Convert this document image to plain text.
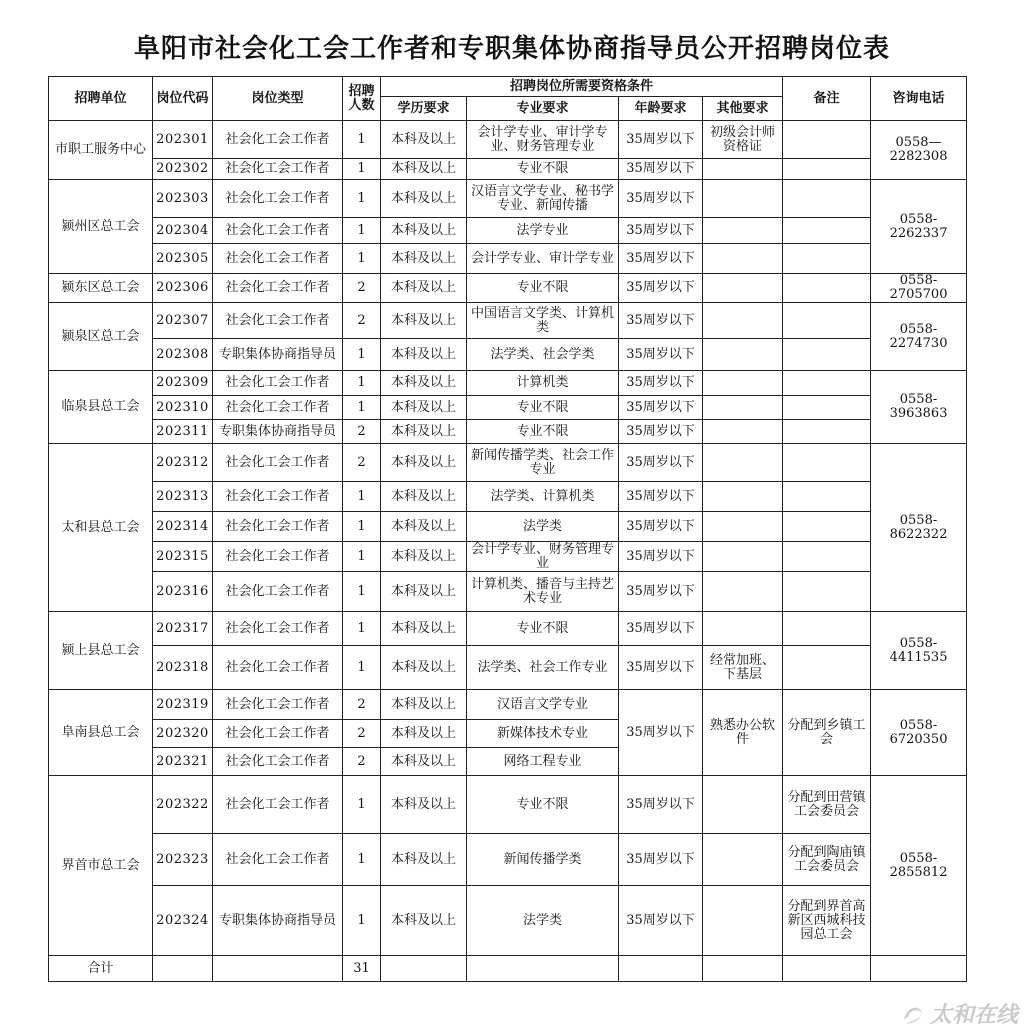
阜阳市社会化工会工作者和专职集体协商指导员公开招聘岗位表
招聘单位	岗位代码	岗位类型	招聘人数	招聘岗位所需要资格条件				备注	咨询电话
				学历要求	专业要求	年龄要求	其他要求		
市职工服务中心	202301	社会化工会工作者	1	本科及以上	会计学专业、审计学专业、财务管理专业	35周岁以下	初级会计师资格证		0558—2282308
	202302	社会化工会工作者	1	本科及以上	专业不限	35周岁以下			
颍州区总工会	202303	社会化工会工作者	1	本科及以上	汉语言文学专业、秘书学专业、新闻传播	35周岁以下			0558-2262337
	202304	社会化工会工作者	1	本科及以上	法学专业	35周岁以下			
	202305	社会化工会工作者	1	本科及以上	会计学专业、审计学专业	35周岁以下			
颍东区总工会	202306	社会化工会工作者	2	本科及以上	专业不限	35周岁以下			0558-2705700
颍泉区总工会	202307	社会化工会工作者	2	本科及以上	中国语言文学类、计算机类	35周岁以下			0558-2274730
	202308	专职集体协商指导员	1	本科及以上	法学类、社会学类	35周岁以下			
临泉县总工会	202309	社会化工会工作者	1	本科及以上	计算机类	35周岁以下			0558-3963863
	202310	社会化工会工作者	1	本科及以上	专业不限	35周岁以下			
	202311	专职集体协商指导员	2	本科及以上	专业不限	35周岁以下			
太和县总工会	202312	社会化工会工作者	2	本科及以上	新闻传播学类、社会工作专业	35周岁以下			0558-8622322
	202313	社会化工会工作者	1	本科及以上	法学类、计算机类	35周岁以下			
	202314	社会化工会工作者	1	本科及以上	法学类	35周岁以下			
	202315	社会化工会工作者	1	本科及以上	会计学专业、财务管理专业	35周岁以下			
	202316	社会化工会工作者	1	本科及以上	计算机类、播音与主持艺术专业	35周岁以下			
颍上县总工会	202317	社会化工会工作者	1	本科及以上	专业不限	35周岁以下			0558-4411535
	202318	社会化工会工作者	1	本科及以上	法学类、社会工作专业	35周岁以下	经常加班、下基层		
阜南县总工会	202319	社会化工会工作者	2	本科及以上	汉语言文学专业	35周岁以下	熟悉办公软件	分配到乡镇工会	0558-6720350
	202320	社会化工会工作者	2	本科及以上	新媒体技术专业				
	202321	社会化工会工作者	2	本科及以上	网络工程专业				
界首市总工会	202322	社会化工会工作者	1	本科及以上	专业不限	35周岁以下		分配到田营镇工会委员会	0558-2855812
	202323	社会化工会工作者	1	本科及以上	新闻传播学类	35周岁以下		分配到陶庙镇工会委员会	
	202324	专职集体协商指导员	1	本科及以上	法学类	35周岁以下		分配到界首高新区西城科技园总工会	
合计			31						
太和在线
